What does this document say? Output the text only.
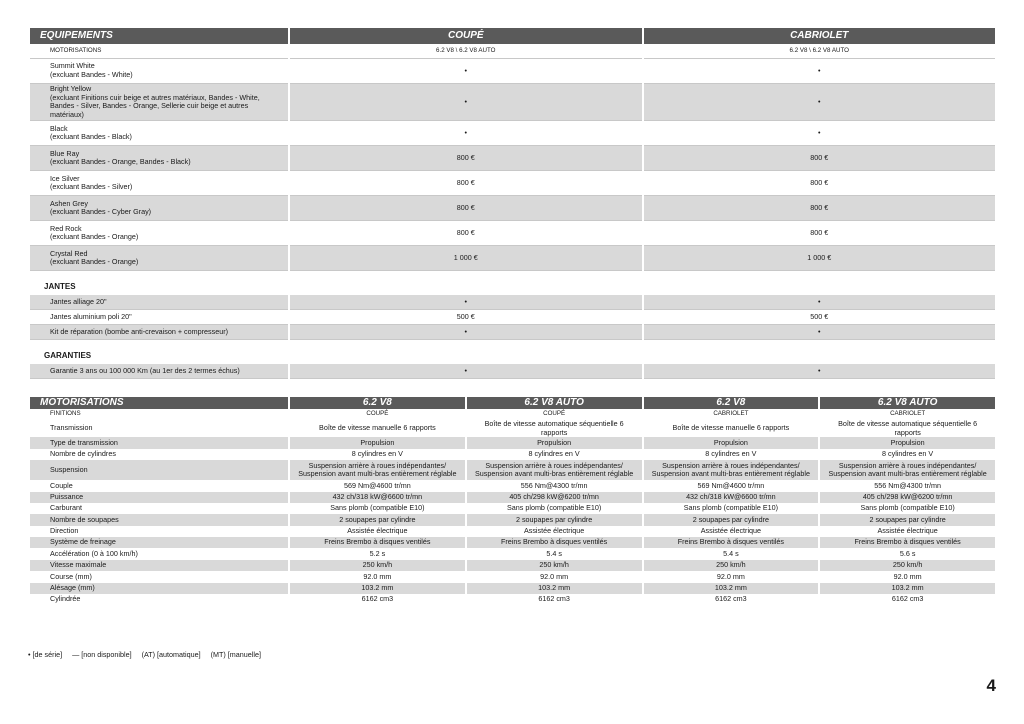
EQUIPEMENTS	COUPÉ	CABRIOLET
MOTORISATIONS	6.2 V8 \ 6.2 V8 AUTO	6.2 V8 \ 6.2 V8 AUTO

Summit White
(excluant Bandes - White)	•	•

Bright Yellow
(excluant Finitions cuir beige et autres matériaux, Bandes - White, Bandes - Silver, Bandes - Orange, Sellerie cuir beige et autres matériaux)	•	•

Black
(excluant Bandes - Black)	•	•

Blue Ray
(excluant Bandes - Orange, Bandes - Black)	800 €	800 €

Ice Silver
(excluant Bandes - Silver)	800 €	800 €

Ashen Grey
(excluant Bandes - Cyber Gray)	800 €	800 €

Red Rock
(excluant Bandes - Orange)	800 €	800 €

Crystal Red
(excluant Bandes - Orange)	1 000 €	1 000 €
JANTES		
Jantes alliage 20"	•	•
Jantes aluminium poli 20"	500 €	500 €
Kit de réparation (bombe anti-crevaison + compresseur)	•	•
GARANTIES		
Garantie 3 ans ou 100 000 Km (au 1er des 2 termes échus)	•	•
MOTORISATIONS	6.2 V8	6.2 V8 AUTO	6.2 V8	6.2 V8 AUTO
FINITIONS	COUPÉ	COUPÉ	CABRIOLET	CABRIOLET
Transmission	Boîte de vitesse manuelle 6 rapports	Boîte de vitesse automatique séquentielle 6 rapports	Boîte de vitesse manuelle 6 rapports	Boîte de vitesse automatique séquentielle 6 rapports
Type de transmission	Propulsion	Propulsion	Propulsion	Propulsion
Nombre de cylindres	8 cylindres en V	8 cylindres en V	8 cylindres en V	8 cylindres en V
Suspension	Suspension arrière à roues indépendantes/ Suspension avant multi-bras entièrement réglable	Suspension arrière à roues indépendantes/ Suspension avant multi-bras entièrement réglable	Suspension arrière à roues indépendantes/ Suspension avant multi-bras entièrement réglable	Suspension arrière à roues indépendantes/ Suspension avant multi-bras entièrement réglable
Couple	569 Nm@4600 tr/mn	556 Nm@4300 tr/mn	569 Nm@4600 tr/mn	556 Nm@4300 tr/mn
Puissance	432 ch/318 kW@6600 tr/mn	405 ch/298 kW@6200 tr/mn	432 ch/318 kW@6600 tr/mn	405 ch/298 kW@6200 tr/mn
Carburant	Sans plomb (compatible E10)	Sans plomb (compatible E10)	Sans plomb (compatible E10)	Sans plomb (compatible E10)
Nombre de soupapes	2 soupapes par cylindre	2 soupapes par cylindre	2 soupapes par cylindre	2 soupapes par cylindre
Direction	Assistée électrique	Assistée électrique	Assistée électrique	Assistée électrique
Système de freinage	Freins Brembo à disques ventilés	Freins Brembo à disques ventilés	Freins Brembo à disques ventilés	Freins Brembo à disques ventilés
Accélération (0 à 100 km/h)	5.2 s	5.4 s	5.4 s	5.6 s
Vitesse maximale	250 km/h	250 km/h	250 km/h	250 km/h
Course (mm)	92.0 mm	92.0 mm	92.0 mm	92.0 mm
Alésage (mm)	103.2 mm	103.2 mm	103.2 mm	103.2 mm
Cylindrée	6162 cm3	6162 cm3	6162 cm3	6162 cm3
• [de série] — [non disponible] (AT) [automatique] (MT) [manuelle]
4
